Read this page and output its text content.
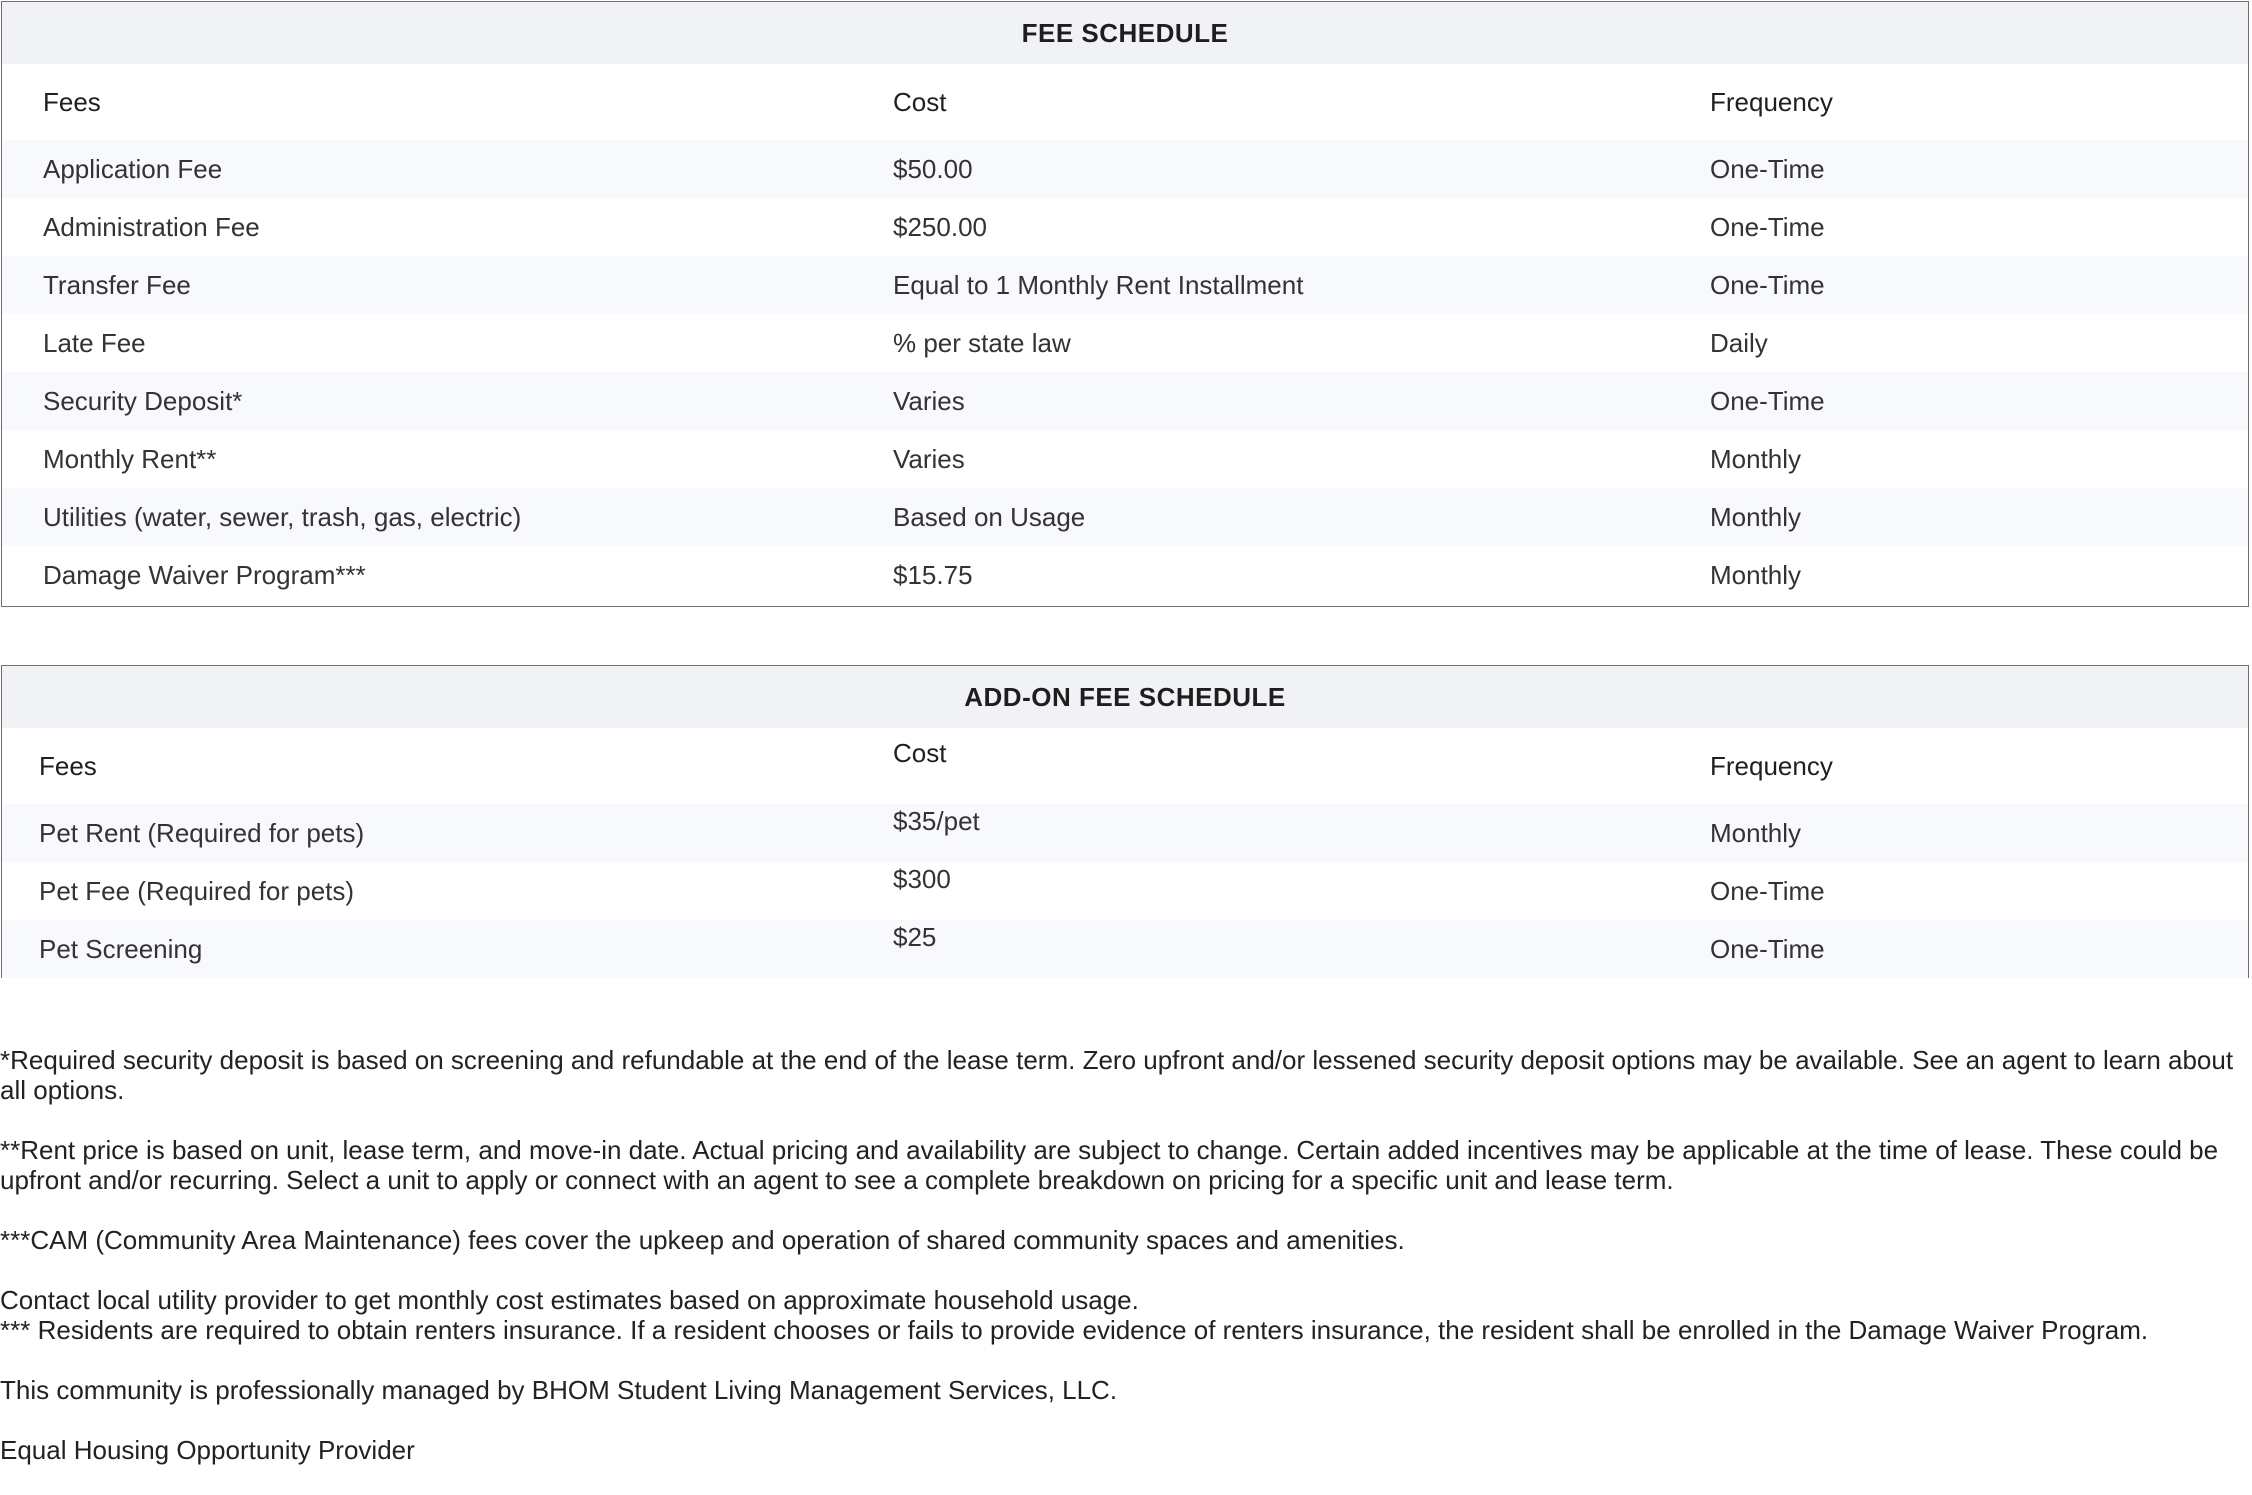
FEE SCHEDULE
Fees	Cost	Frequency
Application Fee	$50.00	One-Time
Administration Fee	$250.00	One-Time
Transfer Fee	Equal to 1 Monthly Rent Installment	One-Time
Late Fee	% per state law	Daily
Security Deposit*	Varies	One-Time
Monthly Rent**	Varies	Monthly
Utilities (water, sewer, trash, gas, electric)	Based on Usage	Monthly
Damage Waiver Program***	$15.75	Monthly
ADD-ON FEE SCHEDULE
Fees	Cost	Frequency
Pet Rent (Required for pets)	$35/pet	Monthly
Pet Fee (Required for pets)	$300	One-Time
Pet Screening	$25	One-Time

*Required security deposit is based on screening and refundable at the end of the lease term. Zero upfront and/or lessened security deposit options may be available. See an agent to learn about all options.

**Rent price is based on unit, lease term, and move-in date. Actual pricing and availability are subject to change. Certain added incentives may be applicable at the time of lease. These could be upfront and/or recurring. Select a unit to apply or connect with an agent to see a complete breakdown on pricing for a specific unit and lease term.

***CAM (Community Area Maintenance) fees cover the upkeep and operation of shared community spaces and amenities.

Contact local utility provider to get monthly cost estimates based on approximate household usage.

*** Residents are required to obtain renters insurance. If a resident chooses or fails to provide evidence of renters insurance, the resident shall be enrolled in the Damage Waiver Program.

This community is professionally managed by BHOM Student Living Management Services, LLC.

Equal Housing Opportunity Provider
